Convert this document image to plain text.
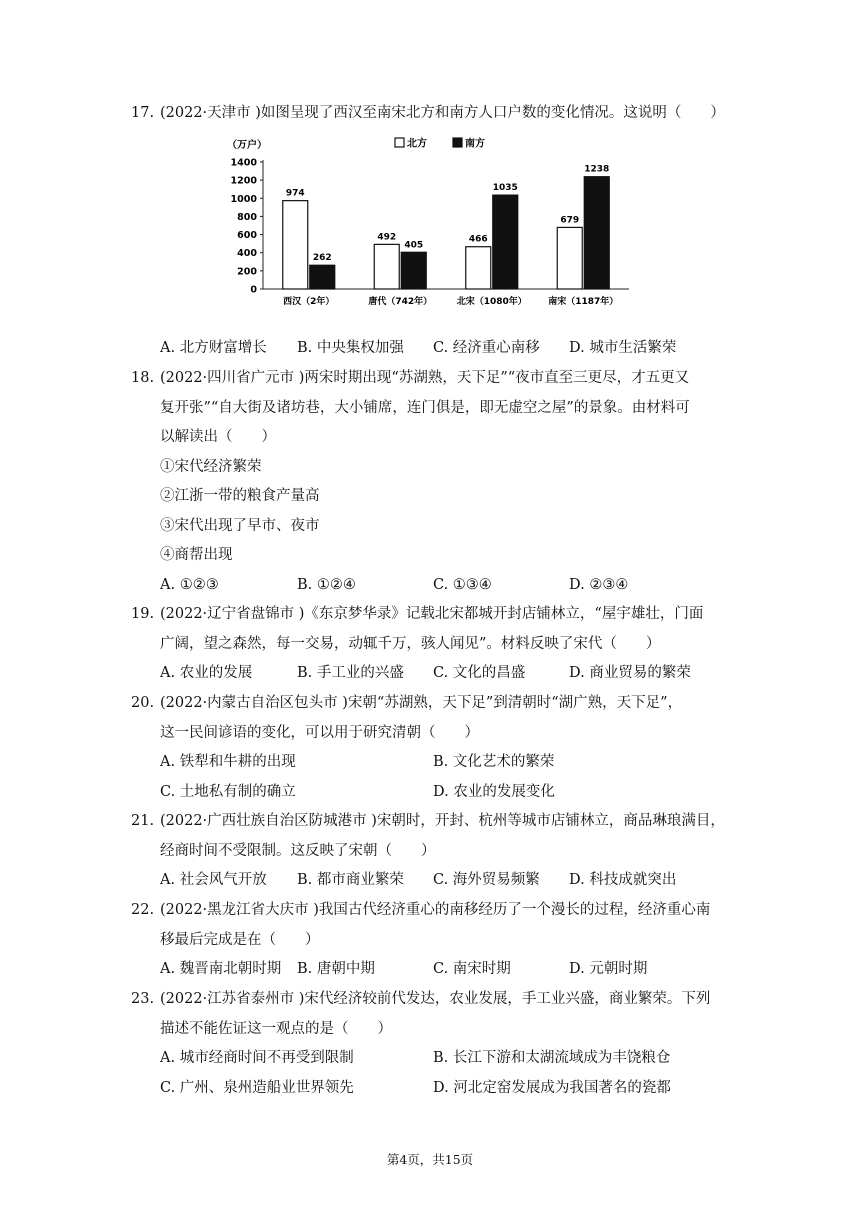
17. (2022·天津市 )如图呈现了西汉至南宋北方和南方人口户数的变化情况。这说明（　　）
（万户）
0
200
400
600
800
1000
1200
1400
974
262
西汉（2年）
492
405
唐代（742年）
466
1035
北宋（1080年）
679
1238
南宋（1187年）
北方	南方
A. 北方财富增长 B. 中央集权加强 C. 经济重心南移 D. 城市生活繁荣
18. (2022·四川省广元市 )两宋时期出现“苏湖熟，天下足”“夜市直至三更尽，才五更又
复开张”“自大街及诸坊巷，大小铺席，连门俱是，即无虚空之屋”的景象。由材料可
以解读出（　　）
①宋代经济繁荣
②江浙一带的粮食产量高
③宋代出现了早市、夜市
④商帮出现
A. ①②③	B. ①②④	C. ①③④	D. ②③④
19. (2022·辽宁省盘锦市 )《东京梦华录》记载北宋都城开封店铺林立，“屋宇雄壮，门面
广阔，望之森然，每一交易，动辄千万，骇人闻见”。材料反映了宋代（　　）
A. 农业的发展	B. 手工业的兴盛 C. 文化的昌盛	D. 商业贸易的繁荣
20. (2022·内蒙古自治区包头市 )宋朝“苏湖熟，天下足”到清朝时“湖广熟，天下足”，
这一民间谚语的变化，可以用于研究清朝（　　）
A. 铁犁和牛耕的出现	B. 文化艺术的繁荣
C. 土地私有制的确立	D. 农业的发展变化
21. (2022·广西壮族自治区防城港市 )宋朝时，开封、杭州等城市店铺林立，商品琳琅满目，
经商时间不受限制。这反映了宋朝（　　）
A. 社会风气开放 B. 都市商业繁荣 C. 海外贸易频繁 D. 科技成就突出
22. (2022·黑龙江省大庆市 )我国古代经济重心的南移经历了一个漫长的过程，经济重心南
移最后完成是在（　　）
A. 魏晋南北朝时期 B. 唐朝中期	C. 南宋时期	D. 元朝时期
23. (2022·江苏省泰州市 )宋代经济较前代发达，农业发展，手工业兴盛，商业繁荣。下列
描述不能佐证这一观点的是（　　）
A. 城市经商时间不再受到限制	B. 长江下游和太湖流域成为丰饶粮仓
C. 广州、泉州造船业世界领先	D. 河北定窑发展成为我国著名的瓷都
第4页，共15页
